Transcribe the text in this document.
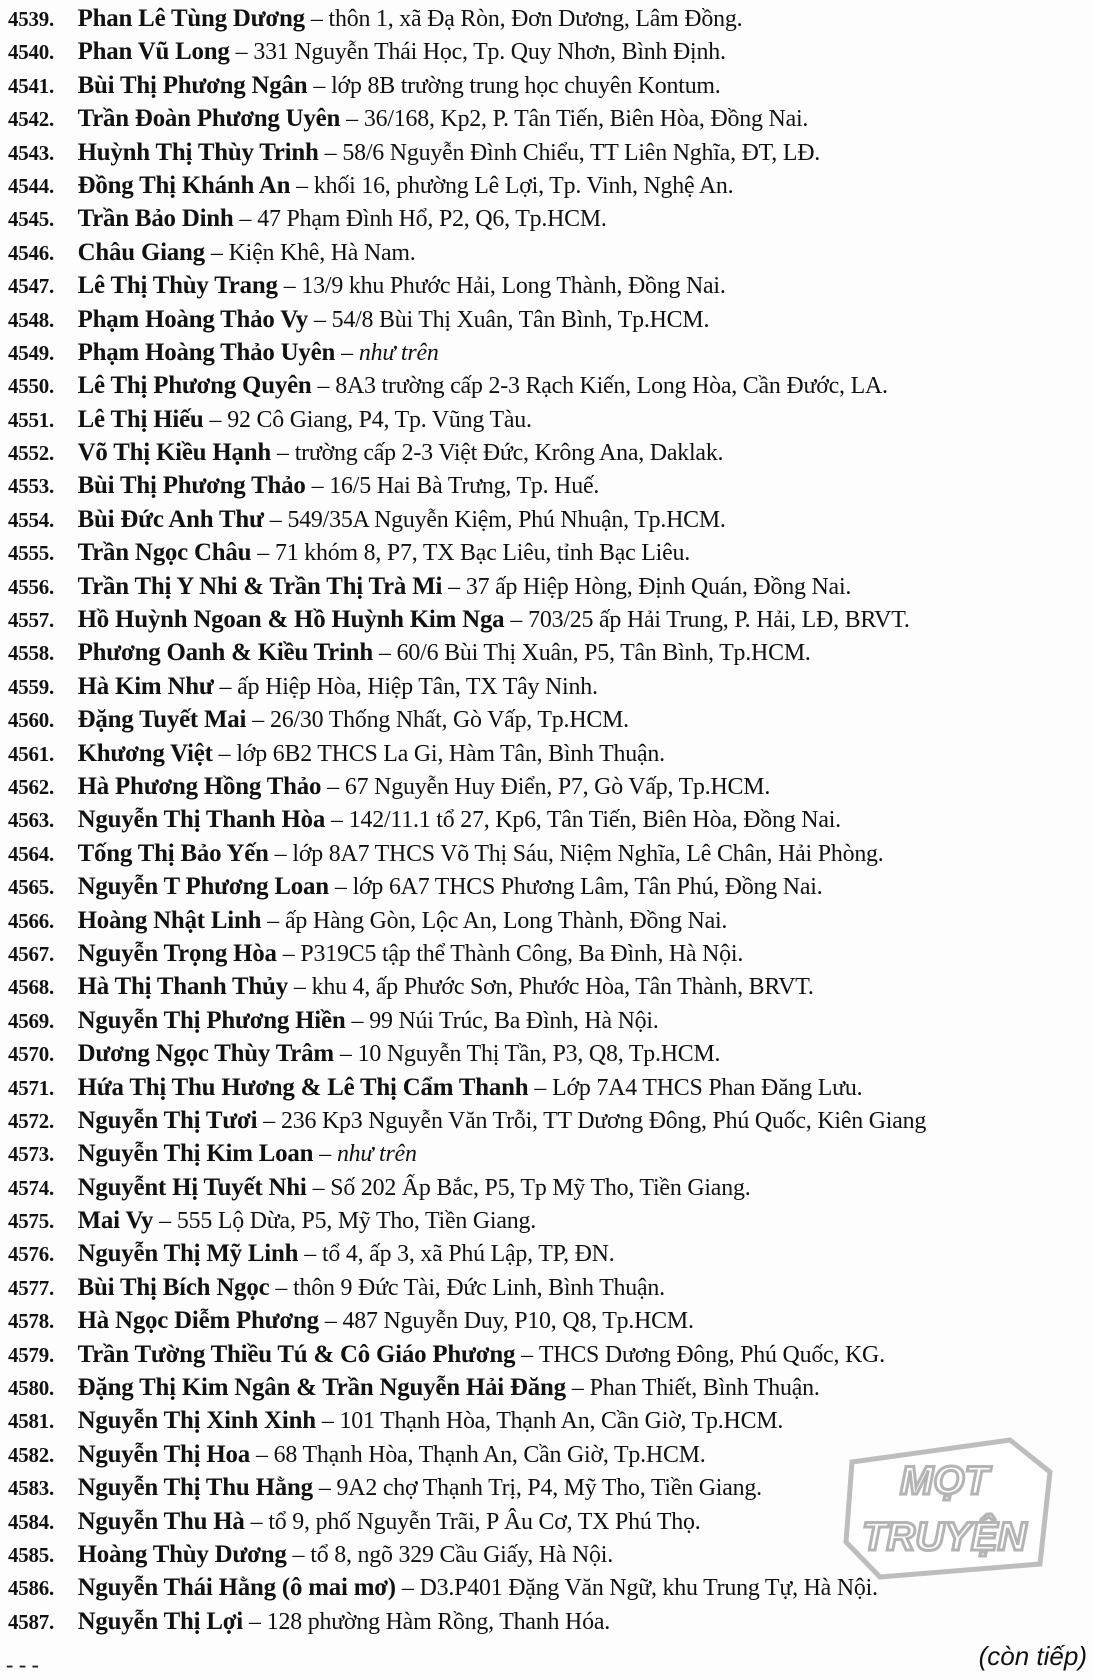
4539. Phan Lê Tùng Dương – thôn 1, xã Đạ Ròn, Đơn Dương, Lâm Đồng.
4540. Phan Vũ Long – 331 Nguyễn Thái Học, Tp. Quy Nhơn, Bình Định.
4541. Bùi Thị Phương Ngân – lớp 8B trường trung học chuyên Kontum.
4542. Trần Đoàn Phương Uyên – 36/168, Kp2, P. Tân Tiến, Biên Hòa, Đồng Nai.
4543. Huỳnh Thị Thùy Trinh – 58/6 Nguyễn Đình Chiểu, TT Liên Nghĩa, ĐT, LĐ.
4544. Đồng Thị Khánh An – khối 16, phường Lê Lợi, Tp. Vinh, Nghệ An.
4545. Trần Bảo Dinh – 47 Phạm Đình Hổ, P2, Q6, Tp.HCM.
4546. Châu Giang – Kiện Khê, Hà Nam.
4547. Lê Thị Thùy Trang – 13/9 khu Phước Hải, Long Thành, Đồng Nai.
4548. Phạm Hoàng Thảo Vy – 54/8 Bùi Thị Xuân, Tân Bình, Tp.HCM.
4549. Phạm Hoàng Thảo Uyên – như trên
4550. Lê Thị Phương Quyên – 8A3 trường cấp 2-3 Rạch Kiến, Long Hòa, Cần Đước, LA.
4551. Lê Thị Hiếu – 92 Cô Giang, P4, Tp. Vũng Tàu.
4552. Võ Thị Kiều Hạnh – trường cấp 2-3 Việt Đức, Krông Ana, Daklak.
4553. Bùi Thị Phương Thảo – 16/5 Hai Bà Trưng, Tp. Huế.
4554. Bùi Đức Anh Thư – 549/35A Nguyễn Kiệm, Phú Nhuận, Tp.HCM.
4555. Trần Ngọc Châu – 71 khóm 8, P7, TX Bạc Liêu, tỉnh Bạc Liêu.
4556. Trần Thị Y Nhi & Trần Thị Trà Mi – 37 ấp Hiệp Hòng, Định Quán, Đồng Nai.
4557. Hồ Huỳnh Ngoan & Hồ Huỳnh Kim Nga – 703/25 ấp Hải Trung, P. Hải, LĐ, BRVT.
4558. Phương Oanh & Kiều Trinh – 60/6 Bùi Thị Xuân, P5, Tân Bình, Tp.HCM.
4559. Hà Kim Như – ấp Hiệp Hòa, Hiệp Tân, TX Tây Ninh.
4560. Đặng Tuyết Mai – 26/30 Thống Nhất, Gò Vấp, Tp.HCM.
4561. Khương Việt – lớp 6B2 THCS La Gi, Hàm Tân, Bình Thuận.
4562. Hà Phương Hồng Thảo – 67 Nguyễn Huy Điển, P7, Gò Vấp, Tp.HCM.
4563. Nguyễn Thị Thanh Hòa – 142/11.1 tổ 27, Kp6, Tân Tiến, Biên Hòa, Đồng Nai.
4564. Tống Thị Bảo Yến – lớp 8A7 THCS Võ Thị Sáu, Niệm Nghĩa, Lê Chân, Hải Phòng.
4565. Nguyễn T Phương Loan – lớp 6A7 THCS Phương Lâm, Tân Phú, Đồng Nai.
4566. Hoàng Nhật Linh – ấp Hàng Gòn, Lộc An, Long Thành, Đồng Nai.
4567. Nguyễn Trọng Hòa – P319C5 tập thể Thành Công, Ba Đình, Hà Nội.
4568. Hà Thị Thanh Thủy – khu 4, ấp Phước Sơn, Phước Hòa, Tân Thành, BRVT.
4569. Nguyễn Thị Phương Hiền – 99 Núi Trúc, Ba Đình, Hà Nội.
4570. Dương Ngọc Thùy Trâm – 10 Nguyễn Thị Tần, P3, Q8, Tp.HCM.
4571. Hứa Thị Thu Hương & Lê Thị Cẩm Thanh – Lớp 7A4 THCS Phan Đăng Lưu.
4572. Nguyễn Thị Tươi – 236 Kp3 Nguyễn Văn Trỗi, TT Dương Đông, Phú Quốc, Kiên Giang
4573. Nguyễn Thị Kim Loan – như trên
4574. Nguyễnt Hị Tuyết Nhi – Số 202 Ấp Bắc, P5, Tp Mỹ Tho, Tiền Giang.
4575. Mai Vy – 555 Lộ Dừa, P5, Mỹ Tho, Tiền Giang.
4576. Nguyễn Thị Mỹ Linh – tổ 4, ấp 3, xã Phú Lập, TP, ĐN.
4577. Bùi Thị Bích Ngọc – thôn 9 Đức Tài, Đức Linh, Bình Thuận.
4578. Hà Ngọc Diễm Phương – 487 Nguyễn Duy, P10, Q8, Tp.HCM.
4579. Trần Tường Thiều Tú & Cô Giáo Phương – THCS Dương Đông, Phú Quốc, KG.
4580. Đặng Thị Kim Ngân & Trần Nguyễn Hải Đăng – Phan Thiết, Bình Thuận.
4581. Nguyễn Thị Xinh Xinh – 101 Thạnh Hòa, Thạnh An, Cần Giờ, Tp.HCM.
4582. Nguyễn Thị Hoa – 68 Thạnh Hòa, Thạnh An, Cần Giờ, Tp.HCM.
4583. Nguyễn Thị Thu Hằng – 9A2 chợ Thạnh Trị, P4, Mỹ Tho, Tiền Giang.
4584. Nguyễn Thu Hà – tổ 9, phố Nguyễn Trãi, P Âu Cơ, TX Phú Thọ.
4585. Hoàng Thùy Dương – tổ 8, ngõ 329 Cầu Giấy, Hà Nội.
4586. Nguyễn Thái Hằng (ô mai mơ) – D3.P401 Đặng Văn Ngữ, khu Trung Tự, Hà Nội.
4587. Nguyễn Thị Lợi – 128 phường Hàm Rồng, Thanh Hóa.
- - -	(còn tiếp)
MỌT
TRUYỆN
